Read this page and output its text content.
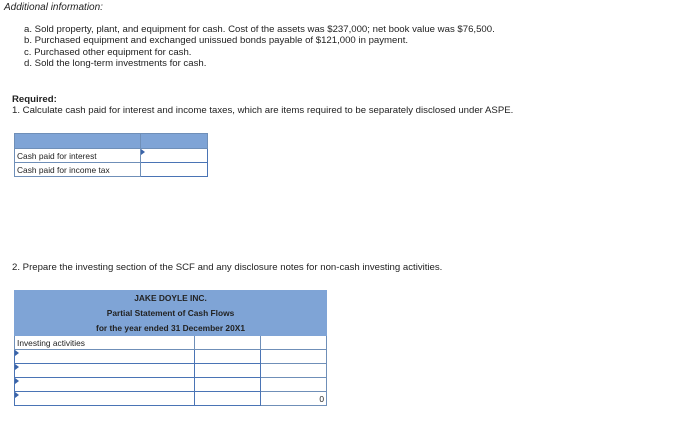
Additional information:
a. Sold property, plant, and equipment for cash. Cost of the assets was $237,000; net book value was $76,500.
b. Purchased equipment and exchanged unissued bonds payable of $121,000 in payment.
c. Purchased other equipment for cash.
d. Sold the long-term investments for cash.
Required:
1. Calculate cash paid for interest and income taxes, which are items required to be separately disclosed under ASPE.

Cash paid for interest	

Cash paid for income tax	
2. Prepare the investing section of the SCF and any disclosure notes for non-cash investing activities.
JAKE DOYLE INC.		
Partial Statement of Cash Flows		
for the year ended 31 December 20X1		
Investing activities		

		0
